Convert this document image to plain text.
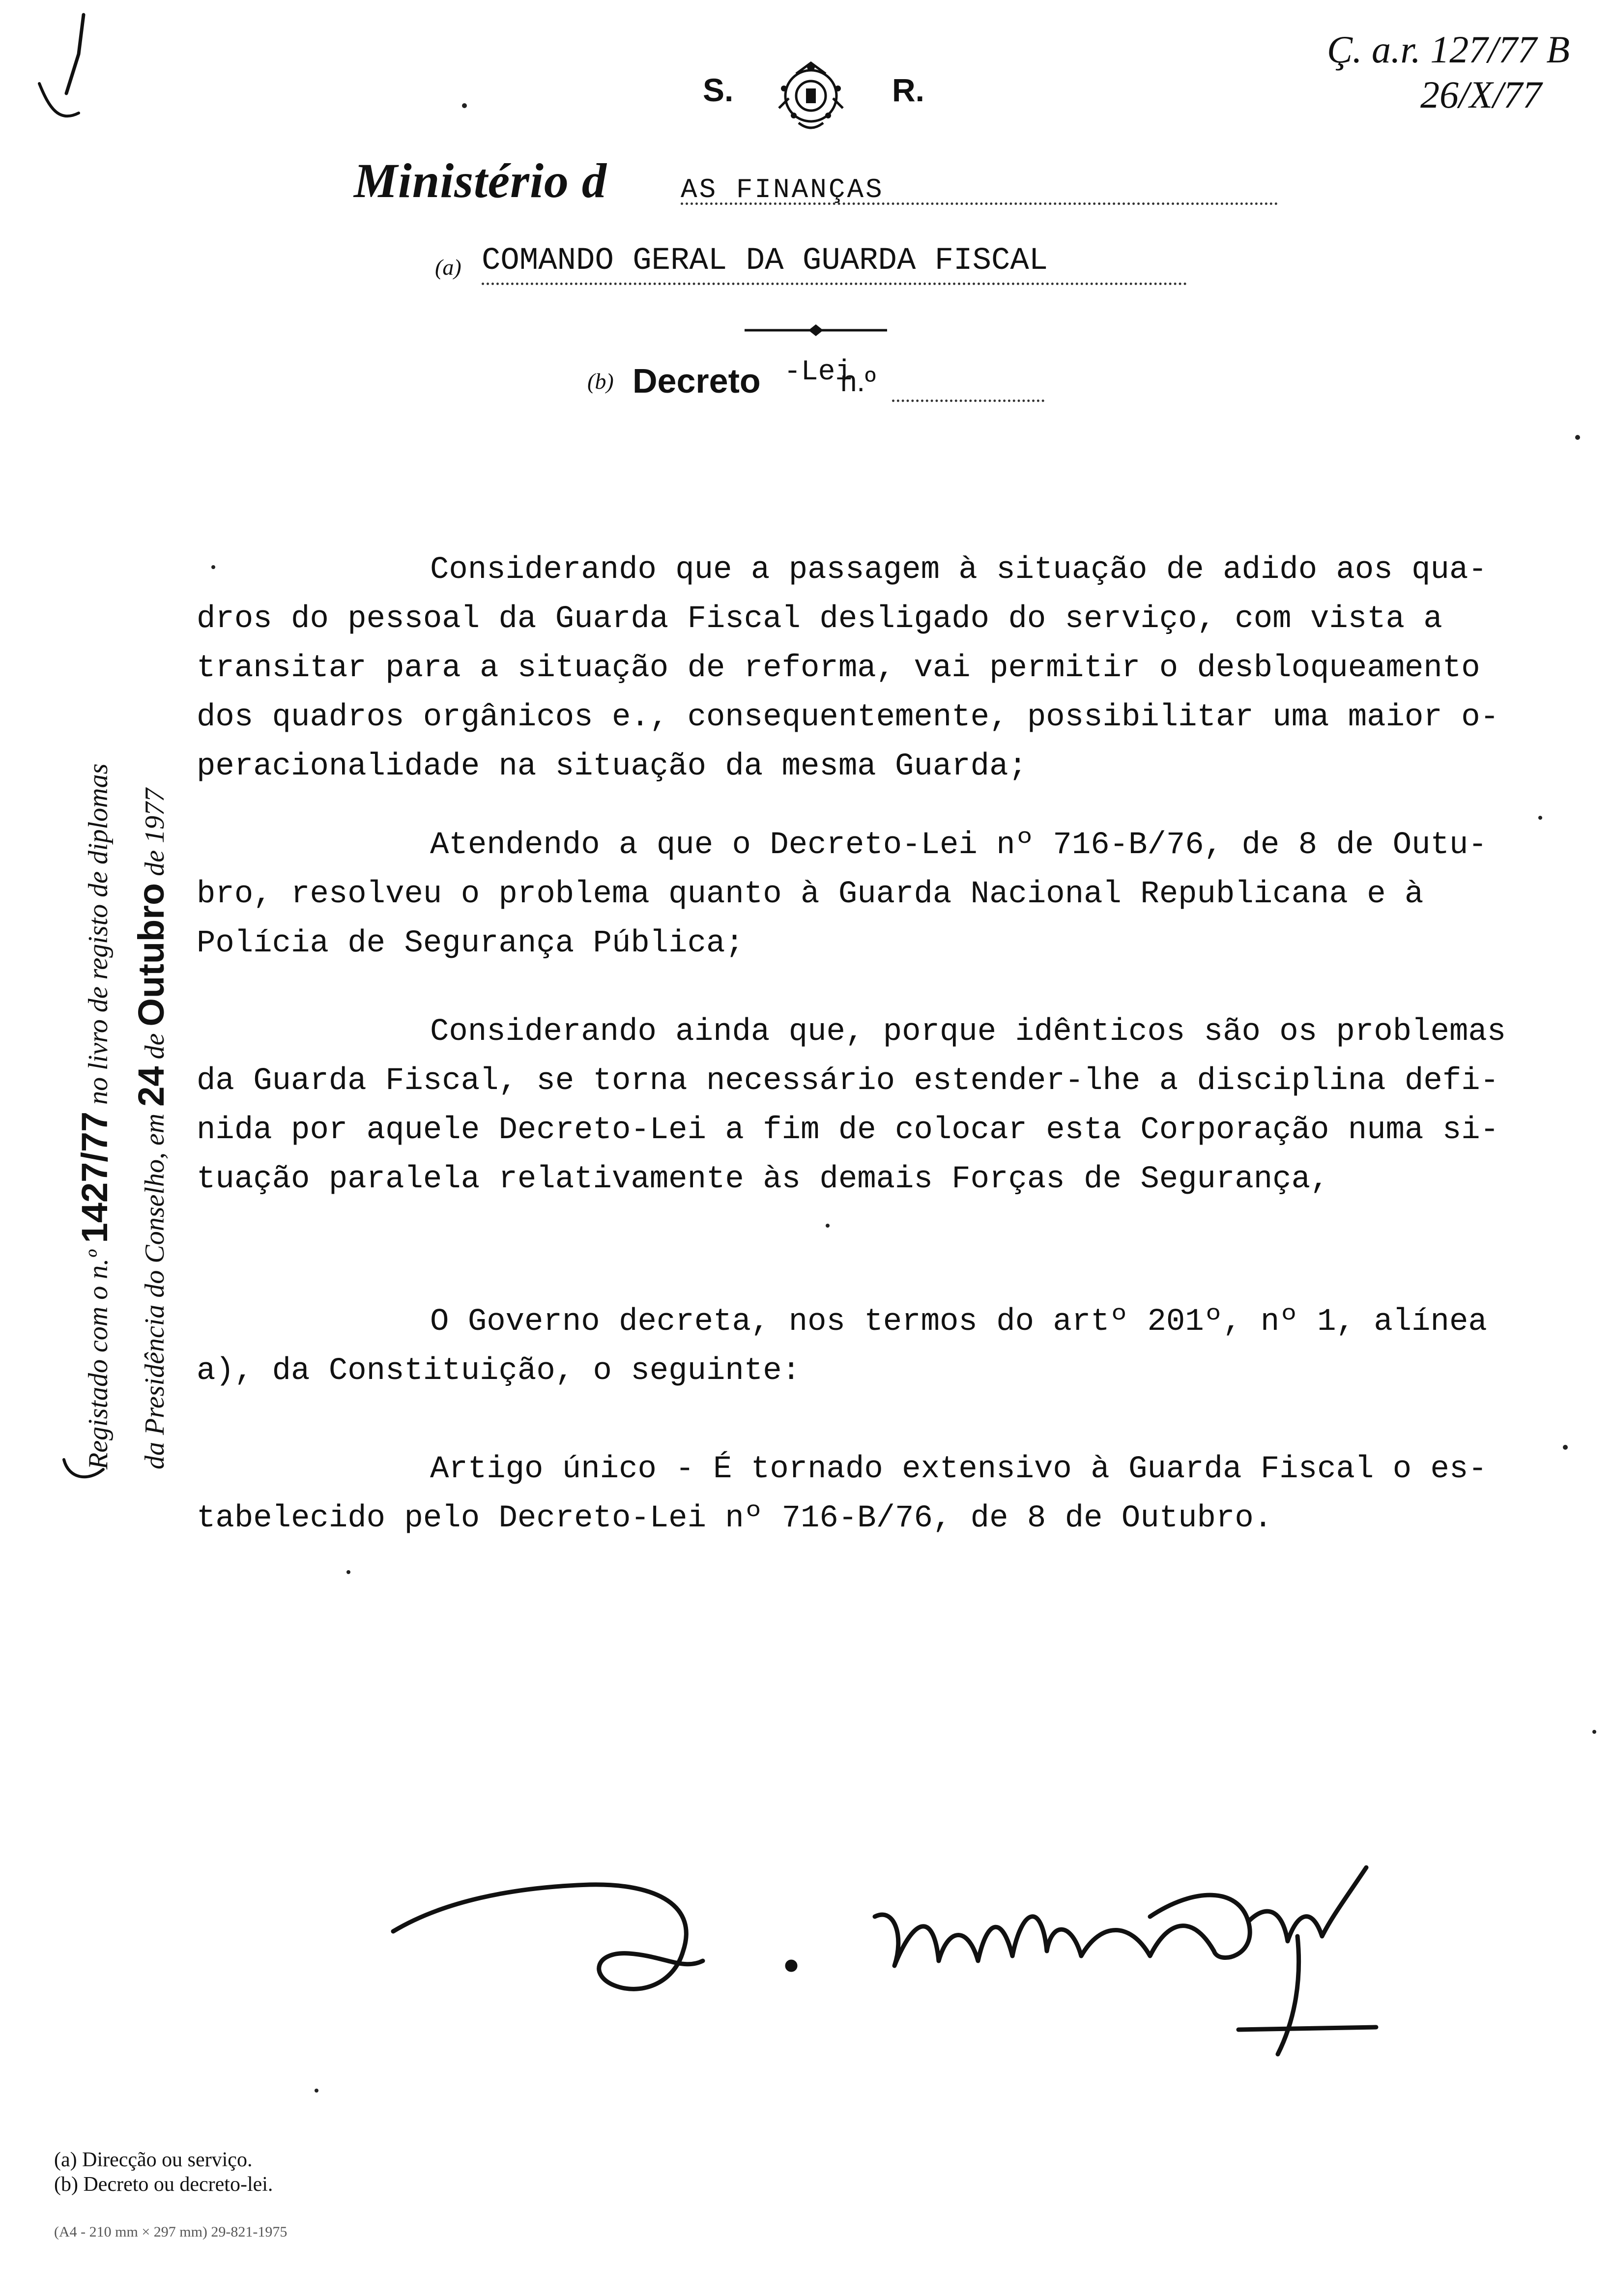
S.	R.
Ministério d	AS FINANÇAS
(a) COMANDO GERAL DA GUARDA FISCAL
(b) Decreto -Lei
n.º
Ç. a.r. 127/77 B
26/X/77
Registado com o n.º 1427/77 no livro de registo de diplomas
da Presidência do Conselho, em 24 de Outubro de 1977
Considerando que a passagem à situação de adido aos qua-
dros do pessoal da Guarda Fiscal desligado do serviço, com vista a
transitar para a situação de reforma, vai permitir o desbloqueamento
dos quadros orgânicos e., consequentemente, possibilitar uma maior o-
peracionalidade na situação da mesma Guarda;
Atendendo a que o Decreto-Lei nº 716-B/76, de 8 de Outu-
bro, resolveu o problema quanto à Guarda Nacional Republicana e à
Polícia de Segurança Pública;
Considerando ainda que, porque idênticos são os problemas
da Guarda Fiscal, se torna necessário estender-lhe a disciplina defi-
nida por aquele Decreto-Lei a fim de colocar esta Corporação numa si-
tuação paralela relativamente às demais Forças de Segurança,
O Governo decreta, nos termos do artº 201º, nº 1, alínea
a), da Constituição, o seguinte:
Artigo único - É tornado extensivo à Guarda Fiscal o es-
tabelecido pelo Decreto-Lei nº 716-B/76, de 8 de Outubro.
(a) Direcção ou serviço.
(b) Decreto ou decreto-lei.
(A4 - 210 mm × 297 mm) 29-821-1975
